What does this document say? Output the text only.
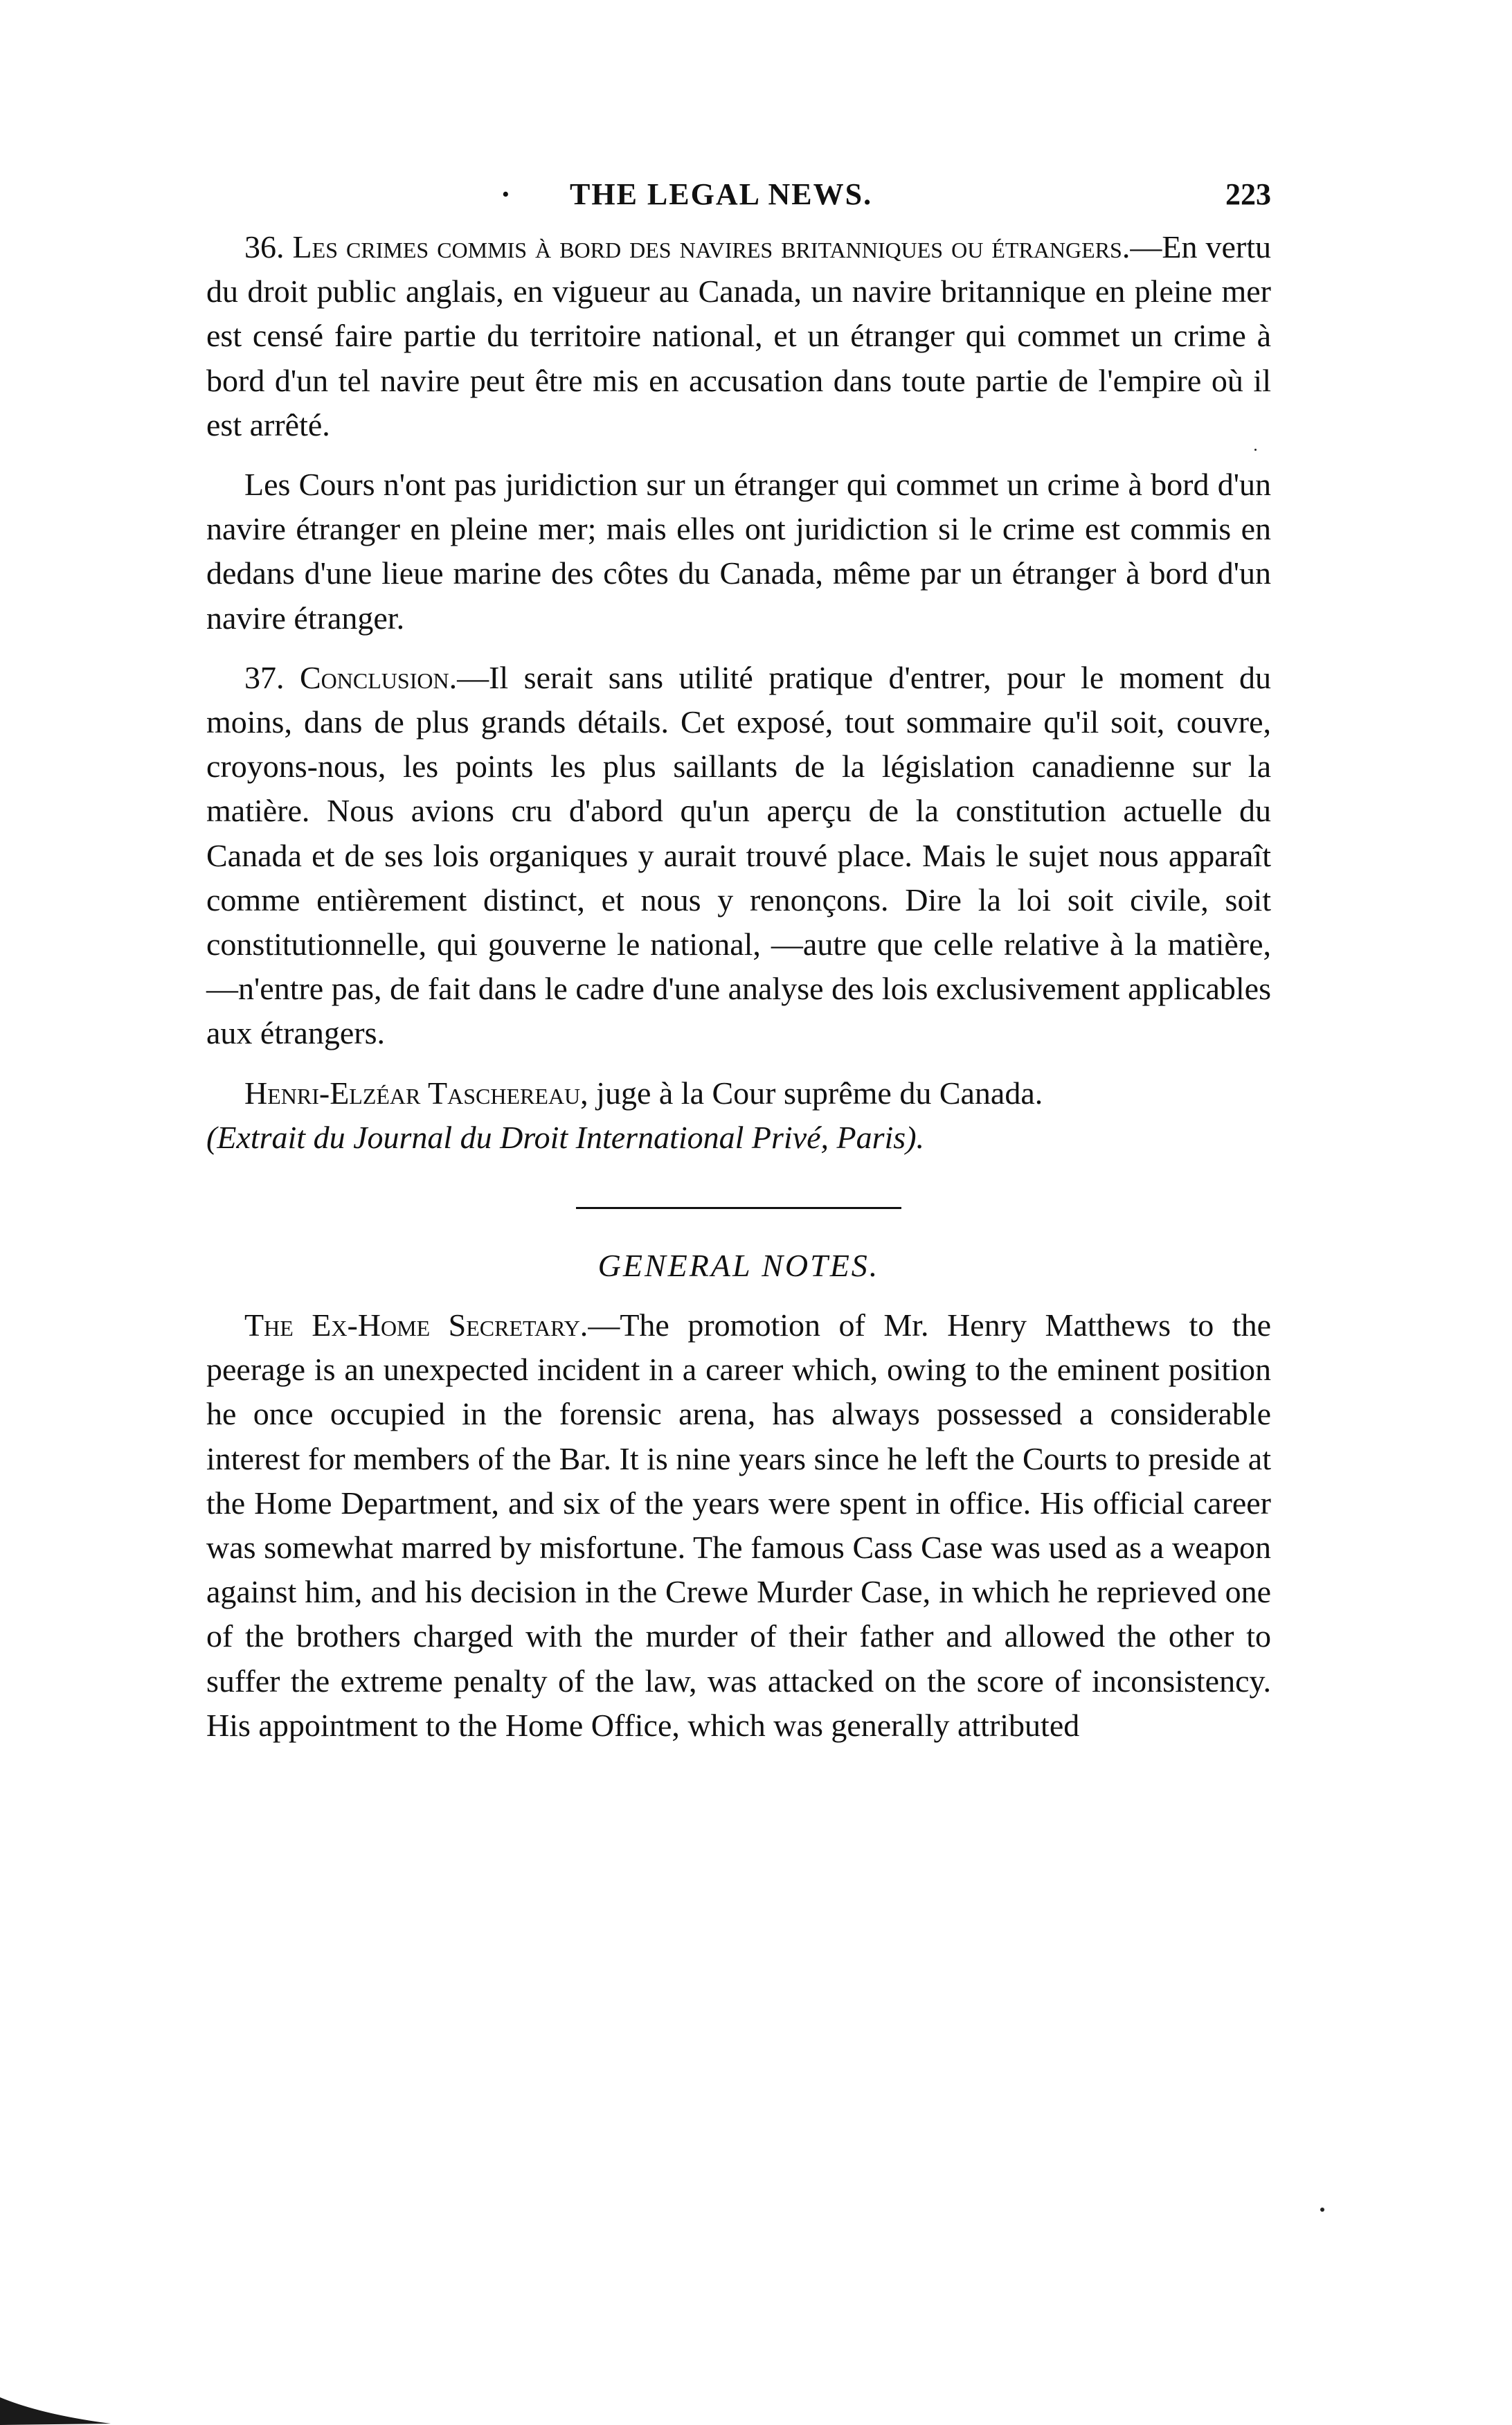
· THE LEGAL NEWS.	223

36. Les crimes commis à bord des navires britanniques ou étrangers.—En vertu du droit public anglais, en vigueur au Canada, un navire britannique en pleine mer est censé faire partie du territoire national, et un étranger qui commet un crime à bord d'un tel navire peut être mis en accusation dans toute partie de l'empire où il est arrêté.

Les Cours n'ont pas juridiction sur un étranger qui commet un crime à bord d'un navire étranger en pleine mer; mais elles ont juridiction si le crime est commis en dedans d'une lieue marine des côtes du Canada, même par un étranger à bord d'un navire étranger.

37. Conclusion.—Il serait sans utilité pratique d'entrer, pour le moment du moins, dans de plus grands détails. Cet exposé, tout sommaire qu'il soit, couvre, croyons-nous, les points les plus saillants de la législation canadienne sur la matière. Nous avions cru d'abord qu'un aperçu de la constitution actuelle du Canada et de ses lois organiques y aurait trouvé place. Mais le sujet nous apparaît comme entièrement distinct, et nous y renonçons. Dire la loi soit civile, soit constitutionnelle, qui gouverne le national, —autre que celle relative à la matière,—n'entre pas, de fait dans le cadre d'une analyse des lois exclusivement applicables aux étrangers.

Henri-Elzéar Taschereau, juge à la Cour suprême du Canada.

(Extrait du Journal du Droit International Privé, Paris).

GENERAL NOTES.

The Ex-Home Secretary.—The promotion of Mr. Henry Matthews to the peerage is an unexpected incident in a career which, owing to the eminent position he once occupied in the forensic arena, has always possessed a considerable interest for members of the Bar. It is nine years since he left the Courts to preside at the Home Department, and six of the years were spent in office. His official career was somewhat marred by misfortune. The famous Cass Case was used as a weapon against him, and his decision in the Crewe Murder Case, in which he reprieved one of the brothers charged with the murder of their father and allowed the other to suffer the extreme penalty of the law, was attacked on the score of inconsistency. His appointment to the Home Office, which was generally attributed
